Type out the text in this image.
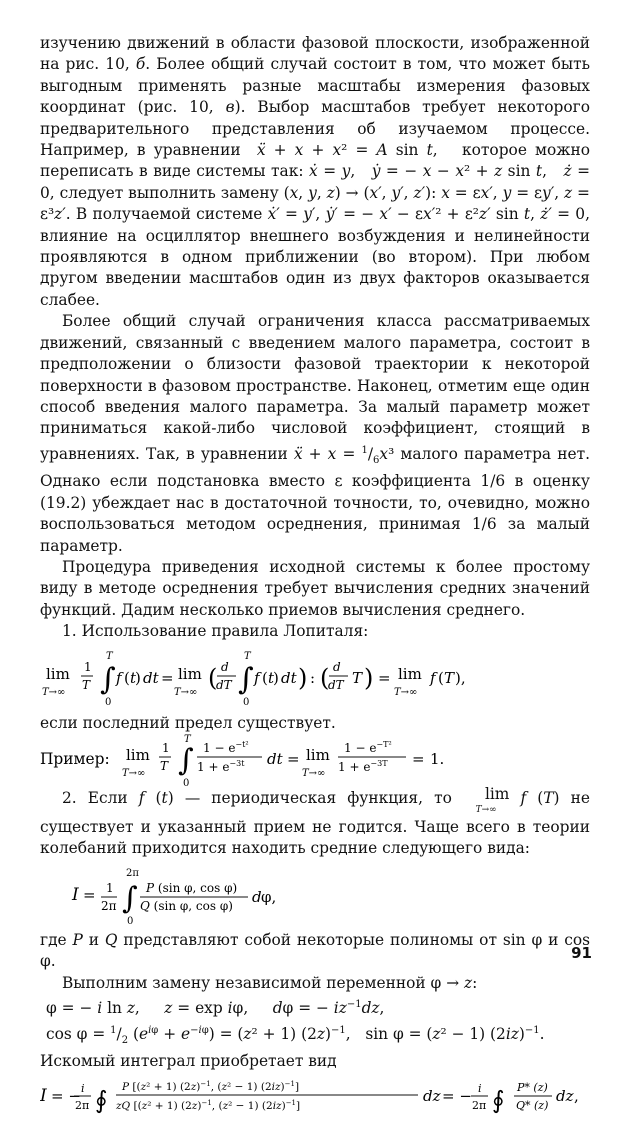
изучению движений в области фазовой плоскости, изображенной на рис. 10, б. Более общий случай состоит в том, что может быть выгодным применять разные масштабы измерения фазовых координат (рис. 10, в). Выбор масштабов требует некоторого предварительного представления об изучаемом процессе. Например, в уравнении  ẍ + x + x² = A sin t,   которое можно переписать в виде системы так: ẋ = y,   ẏ = − x − x² + z sin t,   ż = 0, следует выполнить замену (x, y, z) → (x′, y′, z′): x = εx′, y = εy′, z = ε³z′. В получаемой системе ẋ′ = y′, ẏ′ = − x′ − εx′² + ε²z′ sin t, ż′ = 0, влияние на осциллятор внешнего возбуждения и нелинейности проявляются в одном приближении (во втором). При любом другом введении масштабов один из двух факторов оказывается слабее.

Более общий случай ограничения класса рассматриваемых движений, связанный с введением малого параметра, состоит в предположении о близости фазовой траектории к некоторой поверхности в фазовом пространстве. Наконец, отметим еще один способ введения малого параметра. За малый параметр может приниматься какой-либо числовой коэффициент, стоящий в уравнениях. Так, в уравнении ẍ + $x = ^1/_6x^3$ малого параметра нет. Однако если подстановка вместо ε коэффициента 1/6 в оценку (19.2) убеждает нас в достаточной точности, то, очевидно, можно воспользоваться методом осреднения, принимая 1/6 за малый параметр.

Процедура приведения исходной системы к более простому виду в методе осреднения требует вычисления средних значений функций. Дадим несколько приемов вычисления среднего.

1. Использование правила Лопиталя:

lim
T→∞
1
T ∫
T
0
f ( t
) dt = lim
T→∞
( d
dT ∫
T
0
f ( t
) dt ) : ( d
dT T ) = lim
T→∞
f ( T ),

если последний предел существует.

Пример: lim
T→∞
1
T ∫
T
0
$1 - e^{-t^2}$
$1 + e^{-3t}$ dt = lim
T→∞
$1 - e^{-T^2}$
$1 + e^{-3T} = 1$.

2. Если f (t) — периодическая функция, то lim
T→∞ f (T) не существует и указанный прием не годится. Чаще всего в теории колебаний приходится находить средние следующего вида:

I = 1
2π ∫
2π
0
P (sin φ, cos φ)
Q (sin φ, cos φ) d φ,

где P и Q представляют собой некоторые полиномы от sin φ и cos φ.

Выполним замену независимой переменной φ → z:

φ = − i ln z,     z = exp iφ,     dφ = − $iz^{-1}dz$,
$\cos \varphi = ^1/_2$ $(e^{i\varphi} + e^{-i\varphi}) = (z^2 + 1)$ $(2z)^{-1}$,   sin φ = (z² − 1) $(2iz)^{-1}$.

Искомый интеграл приобретает вид

I = − i
2π ∮ P [(z² + 1) $(2z)^{-1}$, (z² − 1) $(2iz)^{-1}$]
zQ [(z² + 1) $(2z)^{-1}$, (z² − 1) $(2iz)^{-1}$]
dz = − i
2π ∮ P* (z)
Q* (z)
dz ,
91
